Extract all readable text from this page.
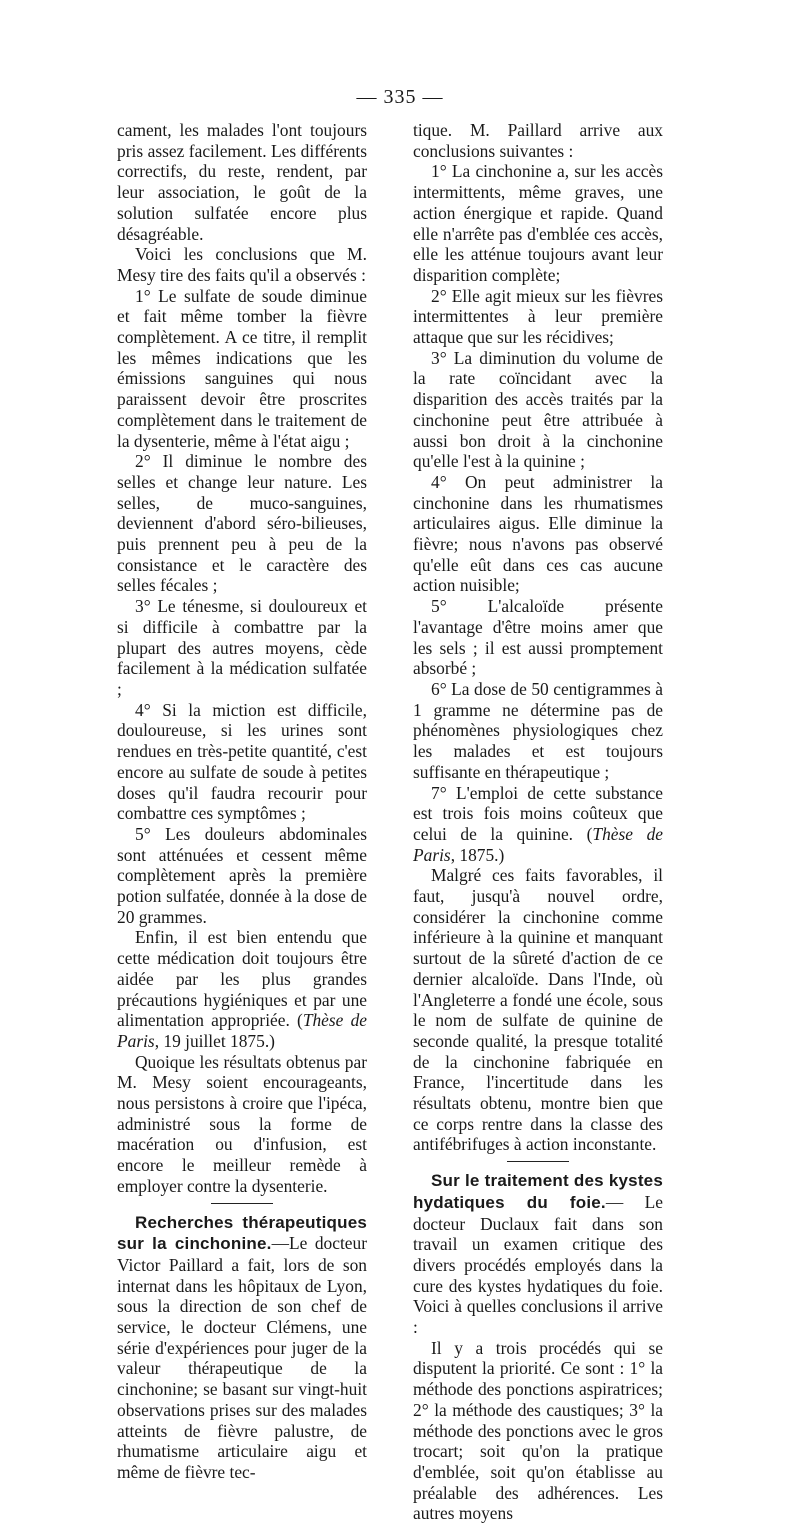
— 335 —

cament, les malades l'ont toujours pris assez facilement. Les différents correctifs, du reste, rendent, par leur association, le goût de la solution sulfatée encore plus désagréable.

Voici les conclusions que M. Mesy tire des faits qu'il a observés :

1° Le sulfate de soude diminue et fait même tomber la fièvre complètement. A ce titre, il remplit les mêmes indications que les émissions sanguines qui nous paraissent devoir être proscrites complètement dans le traitement de la dysenterie, même à l'état aigu ;

2° Il diminue le nombre des selles et change leur nature. Les selles, de muco-sanguines, deviennent d'abord séro-bilieuses, puis prennent peu à peu de la consistance et le caractère des selles fécales ;

3° Le ténesme, si douloureux et si difficile à combattre par la plupart des autres moyens, cède facilement à la médication sulfatée ;

4° Si la miction est difficile, douloureuse, si les urines sont rendues en très-petite quantité, c'est encore au sulfate de soude à petites doses qu'il faudra recourir pour combattre ces symptômes ;

5° Les douleurs abdominales sont atténuées et cessent même complètement après la première potion sulfatée, donnée à la dose de 20 grammes.

Enfin, il est bien entendu que cette médication doit toujours être aidée par les plus grandes précautions hygiéniques et par une alimentation appropriée. (Thèse de Paris, 19 juillet 1875.)

Quoique les résultats obtenus par M. Mesy soient encourageants, nous persistons à croire que l'ipéca, administré sous la forme de macération ou d'infusion, est encore le meilleur remède à employer contre la dysenterie.

Recherches thérapeutiques sur la cinchonine.—Le docteur Victor Paillard a fait, lors de son internat dans les hôpitaux de Lyon, sous la direction de son chef de service, le docteur Clémens, une série d'expériences pour juger de la valeur thérapeutique de la cinchonine; se basant sur vingt-huit observations prises sur des malades atteints de fièvre palustre, de rhumatisme articulaire aigu et même de fièvre tec-

tique. M. Paillard arrive aux conclusions suivantes :

1° La cinchonine a, sur les accès intermittents, même graves, une action énergique et rapide. Quand elle n'arrête pas d'emblée ces accès, elle les atténue toujours avant leur disparition complète;

2° Elle agit mieux sur les fièvres intermittentes à leur première attaque que sur les récidives;

3° La diminution du volume de la rate coïncidant avec la disparition des accès traités par la cinchonine peut être attribuée à aussi bon droit à la cinchonine qu'elle l'est à la quinine ;

4° On peut administrer la cinchonine dans les rhumatismes articulaires aigus. Elle diminue la fièvre; nous n'avons pas observé qu'elle eût dans ces cas aucune action nuisible;

5° L'alcaloïde présente l'avantage d'être moins amer que les sels ; il est aussi promptement absorbé ;

6° La dose de 50 centigrammes à 1 gramme ne détermine pas de phénomènes physiologiques chez les malades et est toujours suffisante en thérapeutique ;

7° L'emploi de cette substance est trois fois moins coûteux que celui de la quinine. (Thèse de Paris, 1875.)

Malgré ces faits favorables, il faut, jusqu'à nouvel ordre, considérer la cinchonine comme inférieure à la quinine et manquant surtout de la sûreté d'action de ce dernier alcaloïde. Dans l'Inde, où l'Angleterre a fondé une école, sous le nom de sulfate de quinine de seconde qualité, la presque totalité de la cinchonine fabriquée en France, l'incertitude dans les résultats obtenu, montre bien que ce corps rentre dans la classe des antifébrifuges à action inconstante.

Sur le traitement des kystes hydatiques du foie.— Le docteur Duclaux fait dans son travail un examen critique des divers procédés employés dans la cure des kystes hydatiques du foie. Voici à quelles conclusions il arrive :

Il y a trois procédés qui se disputent la priorité. Ce sont : 1° la méthode des ponctions aspiratrices; 2° la méthode des caustiques; 3° la méthode des ponctions avec le gros trocart; soit qu'on la pratique d'emblée, soit qu'on établisse au préalable des adhérences. Les autres moyens
